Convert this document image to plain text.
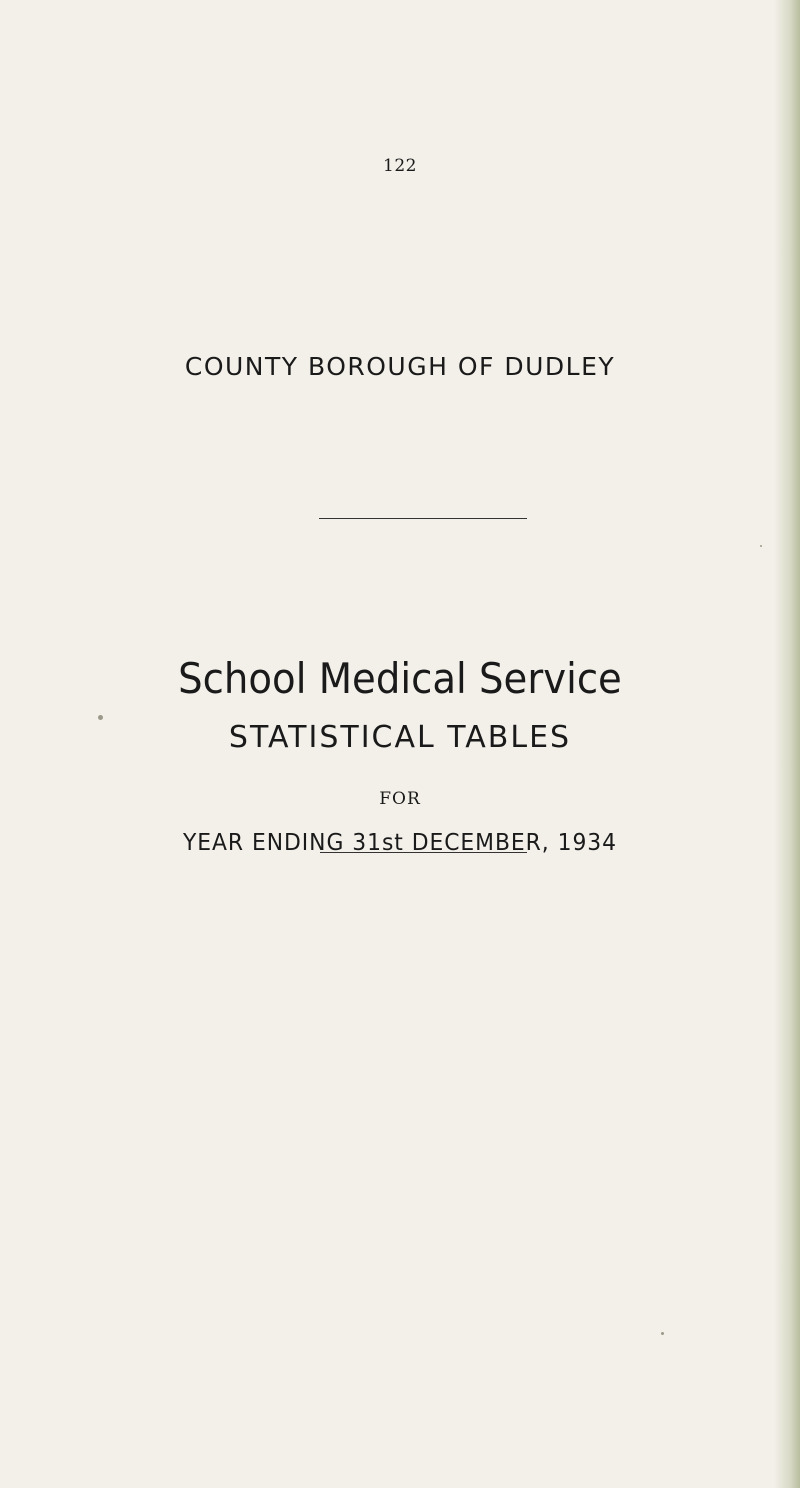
122
COUNTY BOROUGH OF DUDLEY
School Medical Service
STATISTICAL TABLES
FOR
YEAR ENDING 31st DECEMBER, 1934
